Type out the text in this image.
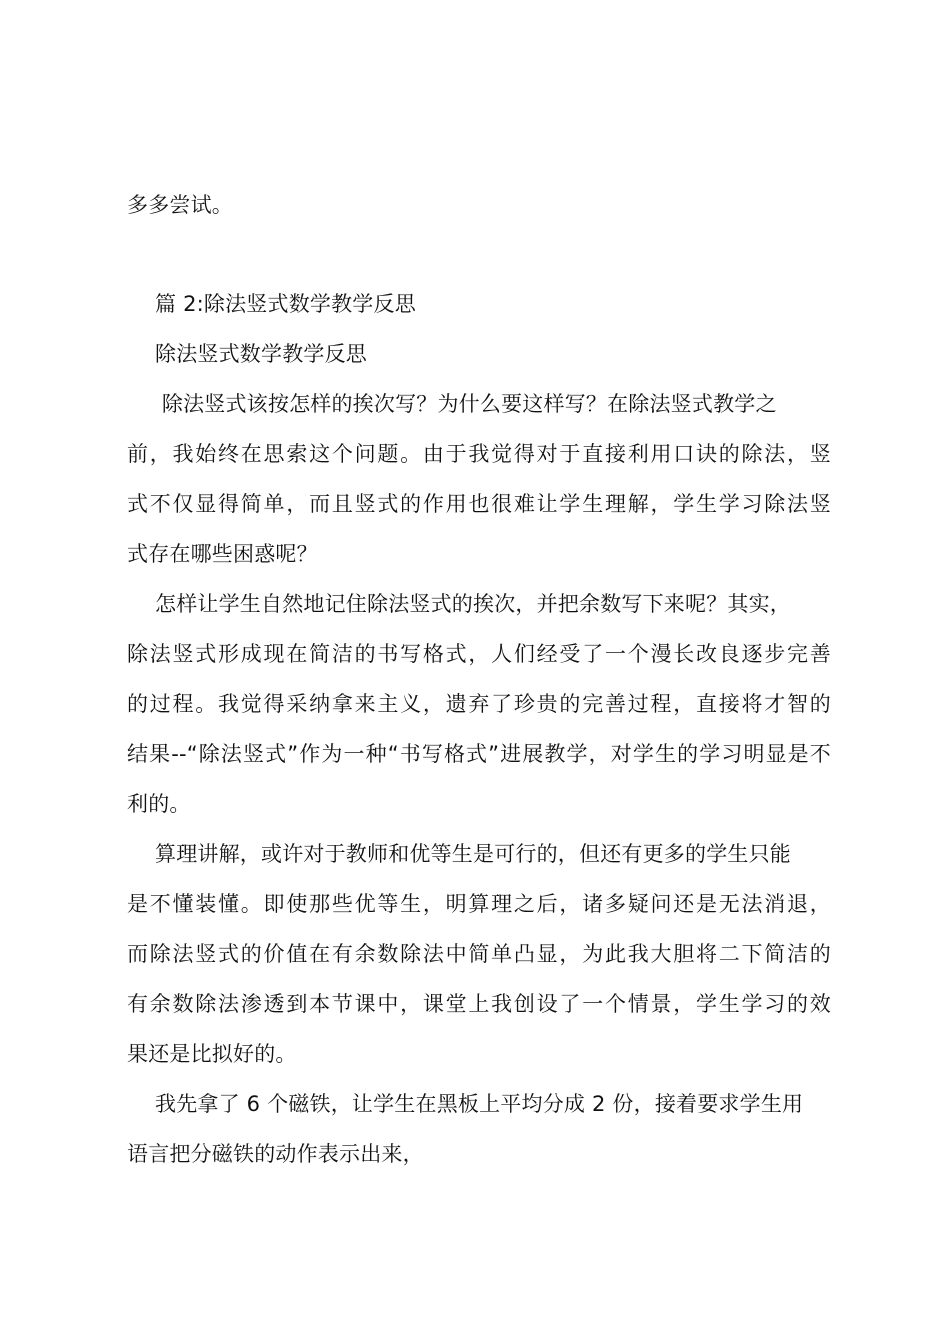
多多尝试。
篇 2:除法竖式数学教学反思
除法竖式数学教学反思
除法竖式该按怎样的挨次写？为什么要这样写？在除法竖式教学之
前，我始终在思索这个问题。由于我觉得对于直接利用口诀的除法，竖
式不仅显得简单，而且竖式的作用也很难让学生理解，学生学习除法竖
式存在哪些困惑呢？
怎样让学生自然地记住除法竖式的挨次，并把余数写下来呢？其实，
除法竖式形成现在简洁的书写格式，人们经受了一个漫长改良逐步完善
的过程。我觉得采纳拿来主义，遗弃了珍贵的完善过程，直接将才智的
结果--“除法竖式”作为一种“书写格式”进展教学，对学生的学习明显是不
利的。
算理讲解，或许对于教师和优等生是可行的，但还有更多的学生只能
是不懂装懂。即使那些优等生，明算理之后，诸多疑问还是无法消退，
而除法竖式的价值在有余数除法中简单凸显，为此我大胆将二下简洁的
有余数除法渗透到本节课中，课堂上我创设了一个情景，学生学习的效
果还是比拟好的。
我先拿了 6 个磁铁，让学生在黑板上平均分成 2 份，接着要求学生用
语言把分磁铁的动作表示出来，
